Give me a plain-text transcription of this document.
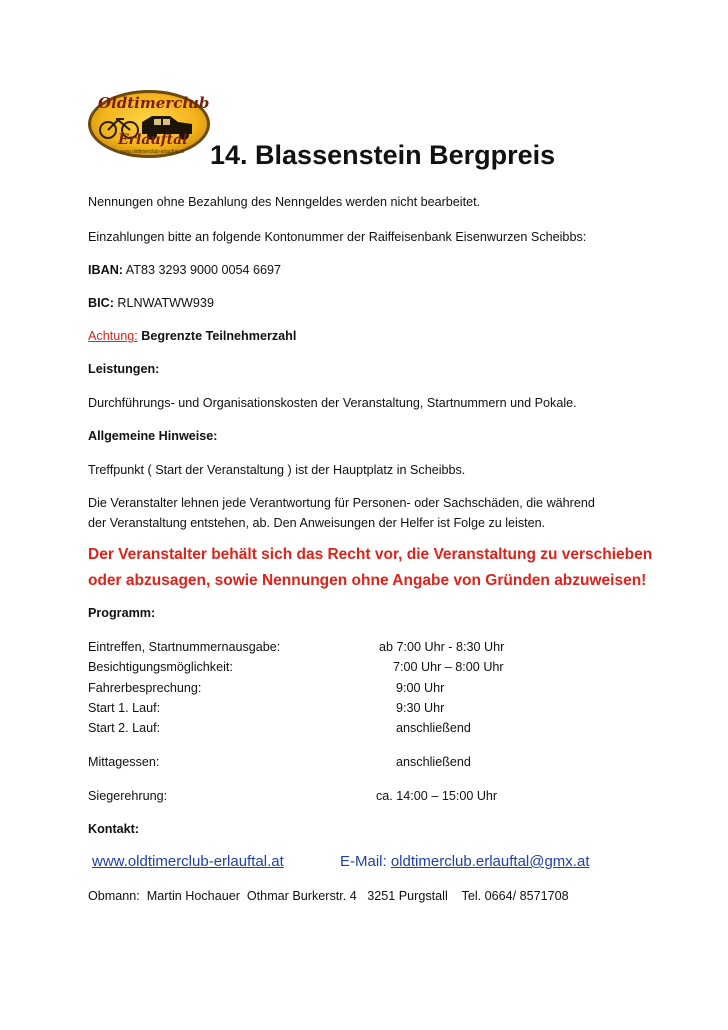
Oldtimerclub
Erlauftal
www.oldtimerclub-erlauftal.at 14. Blassenstein Bergpreis
Nennungen ohne Bezahlung des Nenngeldes werden nicht bearbeitet.
Einzahlungen bitte an folgende Kontonummer der Raiffeisenbank Eisenwurzen Scheibbs:
IBAN: AT83 3293 9000 0054 6697
BIC: RLNWATWW939
Achtung: Begrenzte Teilnehmerzahl
Leistungen:
Durchführungs- und Organisationskosten der Veranstaltung, Startnummern und Pokale.
Allgemeine Hinweise:
Treffpunkt ( Start der Veranstaltung ) ist der Hauptplatz in Scheibbs.
Die Veranstalter lehnen jede Verantwortung für Personen- oder Sachschäden, die während
der Veranstaltung entstehen, ab. Den Anweisungen der Helfer ist Folge zu leisten.
Der Veranstalter behält sich das Recht vor, die Veranstaltung zu verschieben
oder abzusagen, sowie Nennungen ohne Angabe von Gründen abzuweisen!
Programm:
Eintreffen, Startnummernausgabe:	ab 7:00 Uhr - 8:30 Uhr
Besichtigungsmöglichkeit:	7:00 Uhr – 8:00 Uhr
Fahrerbesprechung:	9:00 Uhr
Start 1. Lauf:	9:30 Uhr
Start 2. Lauf:	anschließend
Mittagessen:	anschließend
Siegerehrung:	ca. 14:00 – 15:00 Uhr
Kontakt:
www.oldtimerclub-erlauftal.at	E-Mail: oldtimerclub.erlauftal@gmx.at
Obmann:  Martin Hochauer  Othmar Burkerstr. 4   3251 Purgstall    Tel. 0664/ 8571708
